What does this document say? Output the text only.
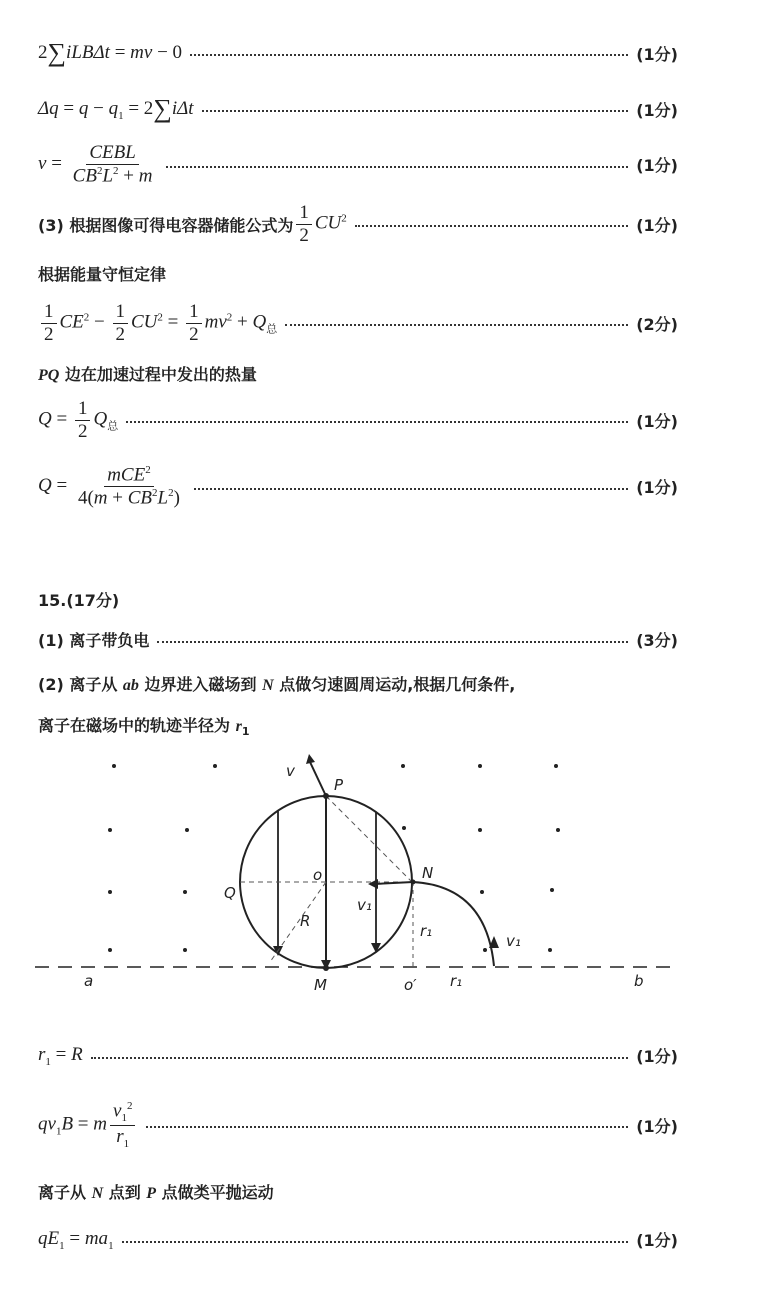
2∑iLBΔt = mv − 0	(1分)
$\Delta q = q - q_1 = 2\sum i\Delta t$	(1分)
$v = \frac{\text{CEBL}}{CB^2L^2 + m}$	(1分)
(3) 根据图像可得电容器储能公式为 $\frac{1}{2} CU^2$	(1分)
根据能量守恒定律
$\frac{1}{2} CE^2 - \frac{1}{2} CU^2 = \frac{1}{2} mv^2 + Q_总$	(2分)
PQ 边在加速过程中发出的热量
$Q = \frac{1}{2} Q_总$	(1分)
$Q = \frac{mCE^2}{4(m + CB^2L^2)}$	(1分)
15.(17分)
(1) 离子带负电	(3分)
(2) 离子从 ab 边界进入磁场到 N 点做匀速圆周运动,根据几何条件,
离子在磁场中的轨迹半径为 $r_1$
v
P
o	N
Q
R
v₁
r₁
v₁
a	M	o′ r₁	b
$r_1 = R$	(1分)
$qv_1B = m \frac{v_1^2}{r_1}$	(1分)
离子从 N 点到 P 点做类平抛运动
$qE_1 = ma_1$	(1分)
